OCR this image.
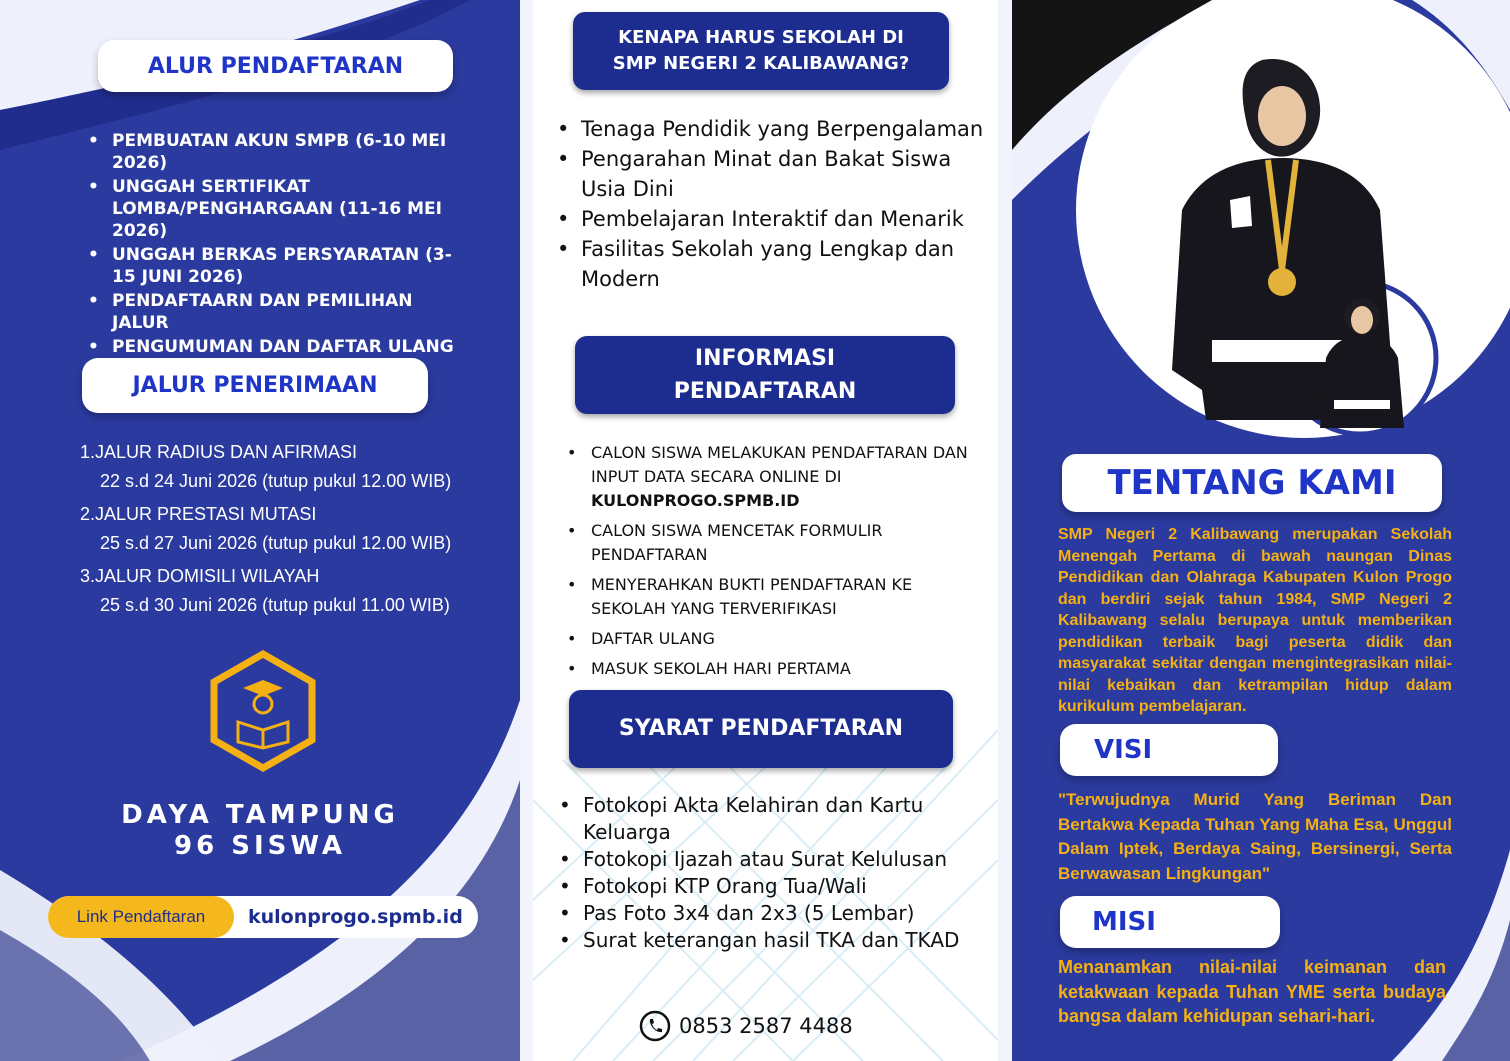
ALUR PENDAFTARAN
• PEMBUATAN AKUN SMPB (6-10 MEI 2026)
• UNGGAH SERTIFIKAT LOMBA/PENGHARGAAN (11-16 MEI 2026)
• UNGGAH BERKAS PERSYARATAN (3-15 JUNI 2026)
• PENDAFTAARN DAN PEMILIHAN JALUR
• PENGUMUMAN DAN DAFTAR ULANG
JALUR PENERIMAAN
1.JALUR RADIUS DAN AFIRMASI
22 s.d 24 Juni 2026 (tutup pukul 12.00 WIB)
2.JALUR PRESTASI MUTASI
25 s.d 27 Juni 2026 (tutup pukul 12.00 WIB)
3.JALUR DOMISILI WILAYAH
25 s.d 30 Juni 2026 (tutup pukul 11.00 WIB)
DAYA TAMPUNG
96 SISWA
Link Pendaftaran	kulonprogo.spmb.id
KENAPA HARUS SEKOLAH DI
SMP NEGERI 2 KALIBAWANG?
• Tenaga Pendidik yang Berpengalaman
• Pengarahan Minat dan Bakat Siswa Usia Dini
• Pembelajaran Interaktif dan Menarik
• Fasilitas Sekolah yang Lengkap dan Modern
INFORMASI
PENDAFTARAN
• CALON SISWA MELAKUKAN PENDAFTARAN DAN INPUT DATA SECARA ONLINE DI
KULONPROGO.SPMB.ID
• CALON SISWA MENCETAK FORMULIR PENDAFTARAN
• MENYERAHKAN BUKTI PENDAFTARAN KE SEKOLAH YANG TERVERIFIKASI
• DAFTAR ULANG
• MASUK SEKOLAH HARI PERTAMA
SYARAT PENDAFTARAN
• Fotokopi Akta Kelahiran dan Kartu Keluarga
• Fotokopi Ijazah atau Surat Kelulusan
• Fotokopi KTP Orang Tua/Wali
• Pas Foto 3x4 dan 2x3 (5 Lembar)
• Surat keterangan hasil TKA dan TKAD
0853 2587 4488
TENTANG KAMI
SMP Negeri 2 Kalibawang merupakan Sekolah Menengah Pertama di bawah naungan Dinas Pendidikan dan Olahraga Kabupaten Kulon Progo dan berdiri sejak tahun 1984, SMP Negeri 2 Kalibawang selalu berupaya untuk memberikan pendidikan terbaik bagi peserta didik dan masyarakat sekitar dengan mengintegrasikan nilai-nilai kebaikan dan ketrampilan hidup dalam kurikulum pembelajaran.
VISI
"Terwujudnya Murid Yang Beriman Dan Bertakwa Kepada Tuhan Yang Maha Esa, Unggul Dalam Iptek, Berdaya Saing, Bersinergi, Serta Berwawasan Lingkungan"
MISI
Menanamkan nilai-nilai keimanan dan ketakwaan kepada Tuhan YME serta budaya bangsa dalam kehidupan sehari-hari.
